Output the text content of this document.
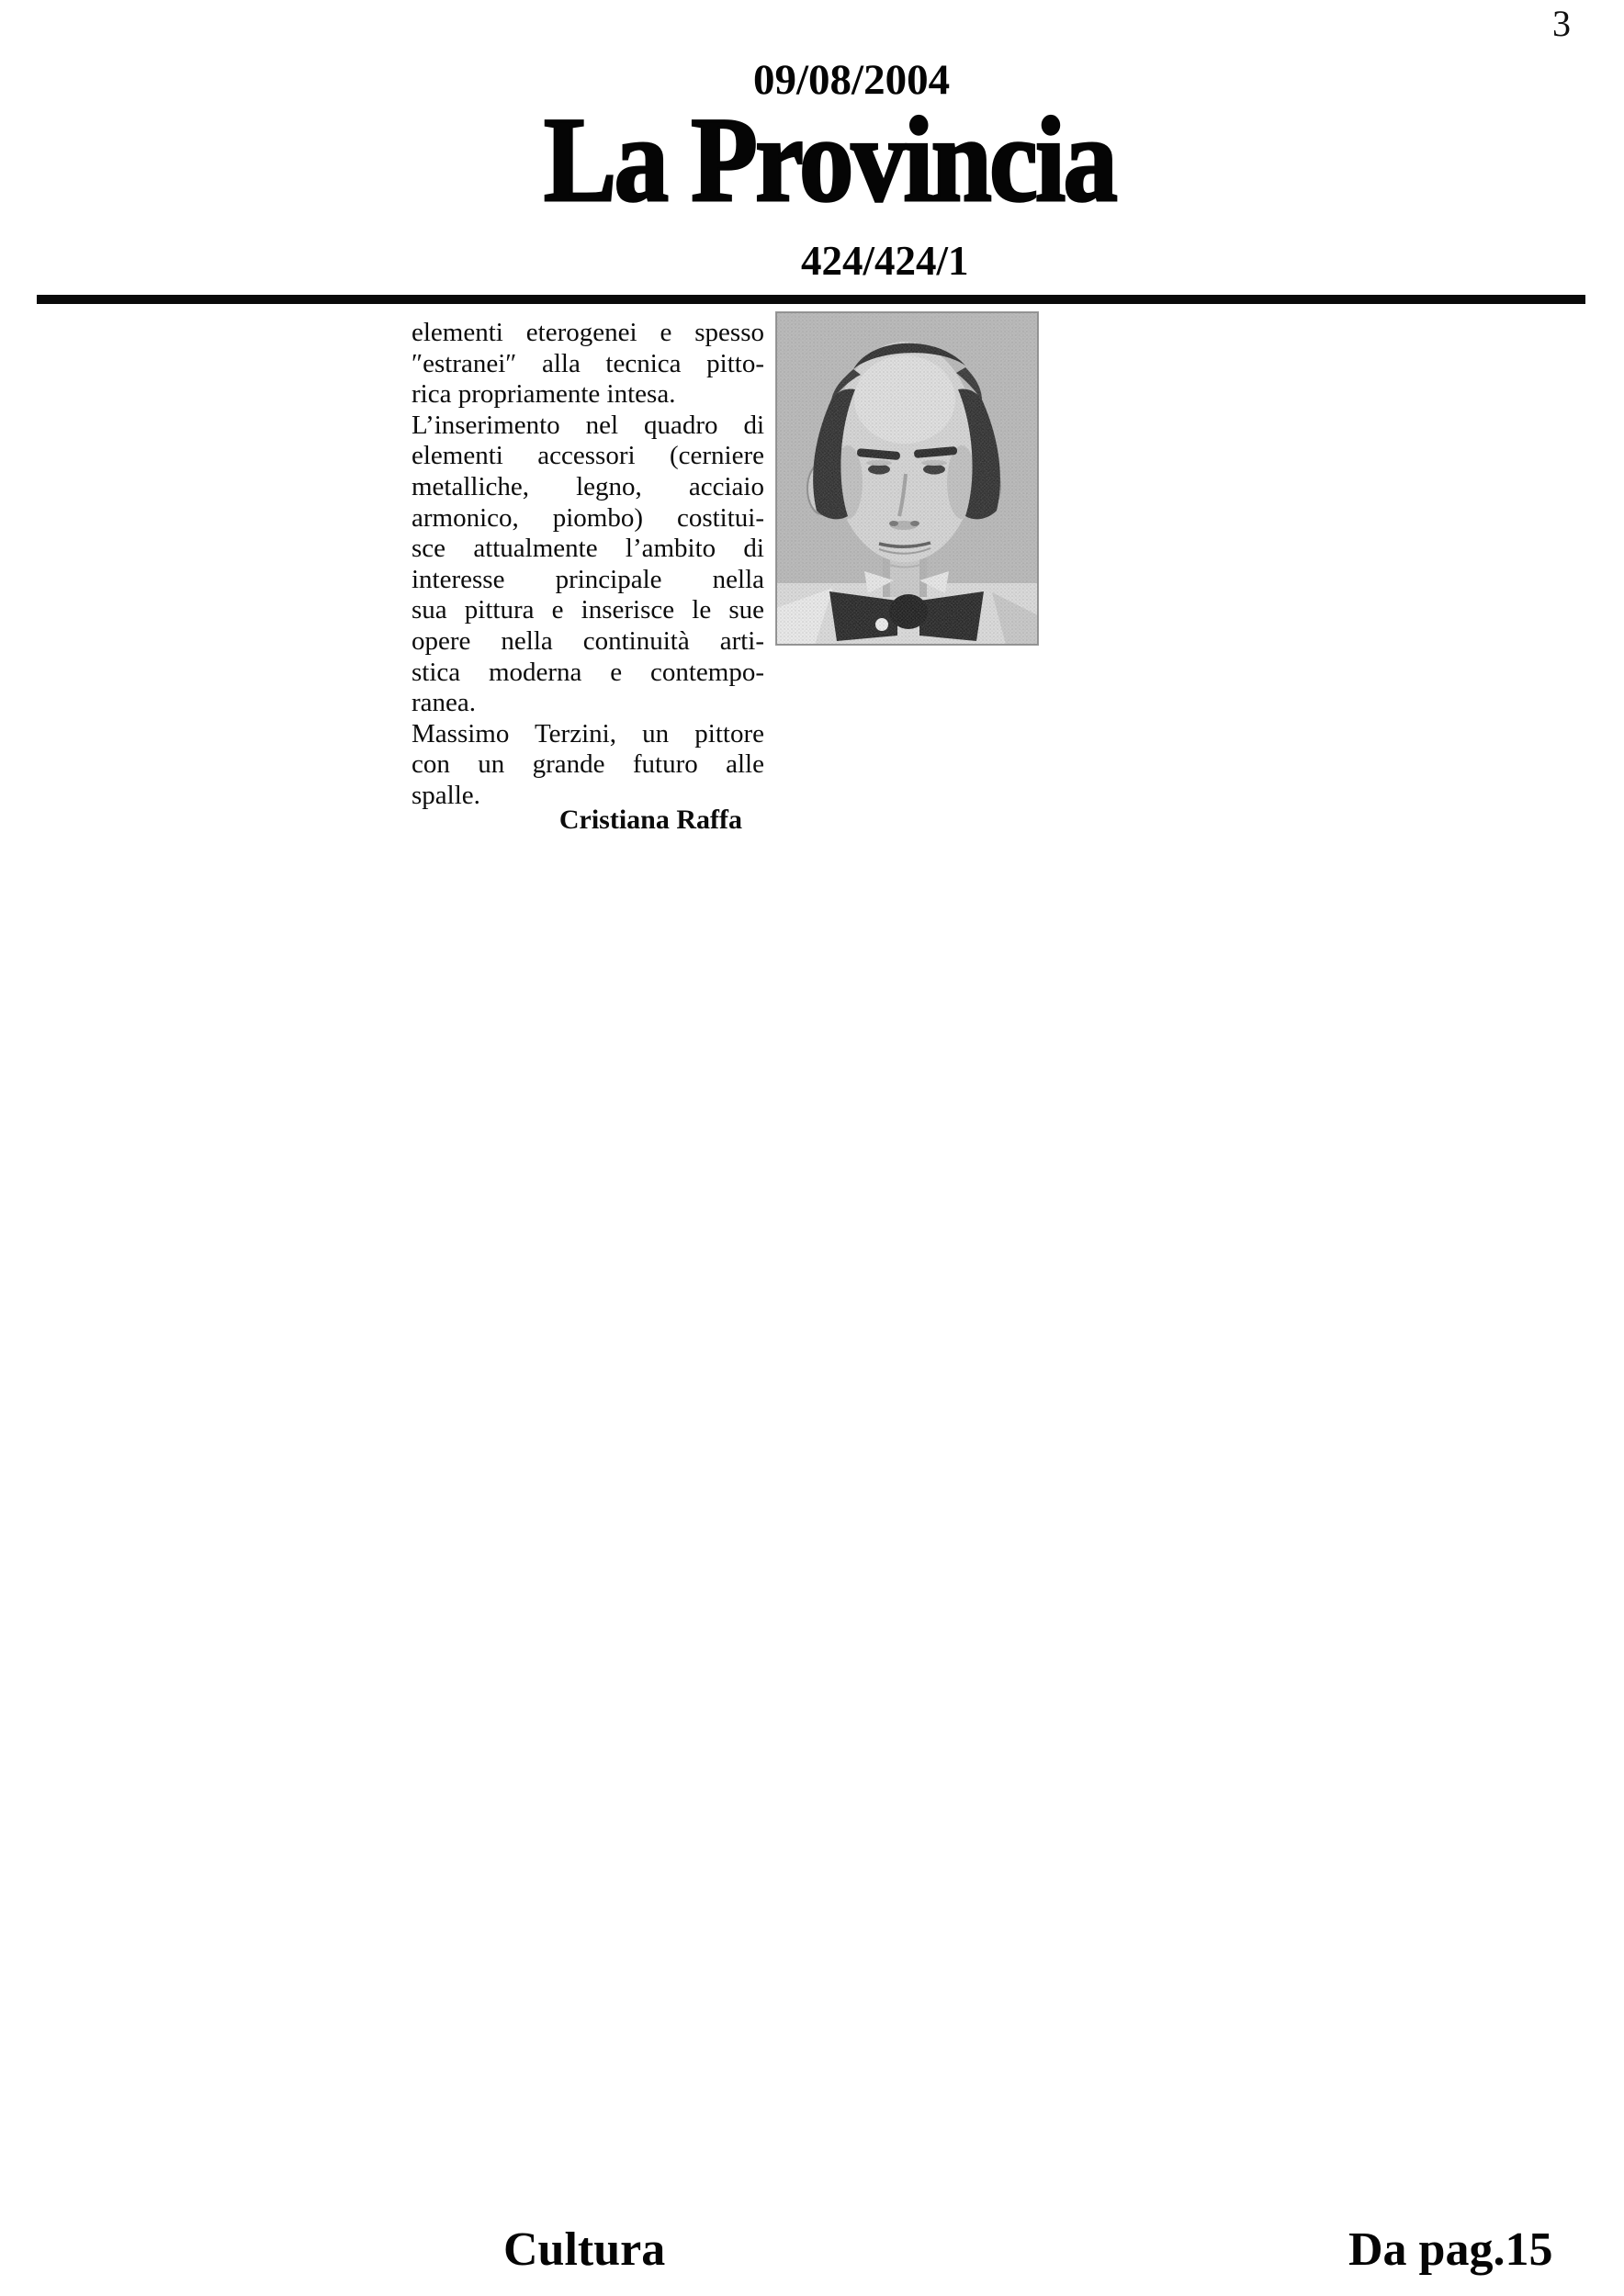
3
09/08/2004
La Provincia
424/424/1
elementi eterogenei e spesso
″estranei″ alla tecnica pitto-
rica propriamente intesa.
L’inserimento nel quadro di
elementi accessori (cerniere
metalliche, legno, acciaio
armonico, piombo) costitui-
sce attualmente l’ambito di
interesse principale nella
sua pittura e inserisce le sue
opere nella continuità arti-
stica moderna e contempo-
ranea.
Massimo Terzini, un pittore
con un grande futuro alle
spalle.
Cristiana Raffa
Cultura	Da pag.15
